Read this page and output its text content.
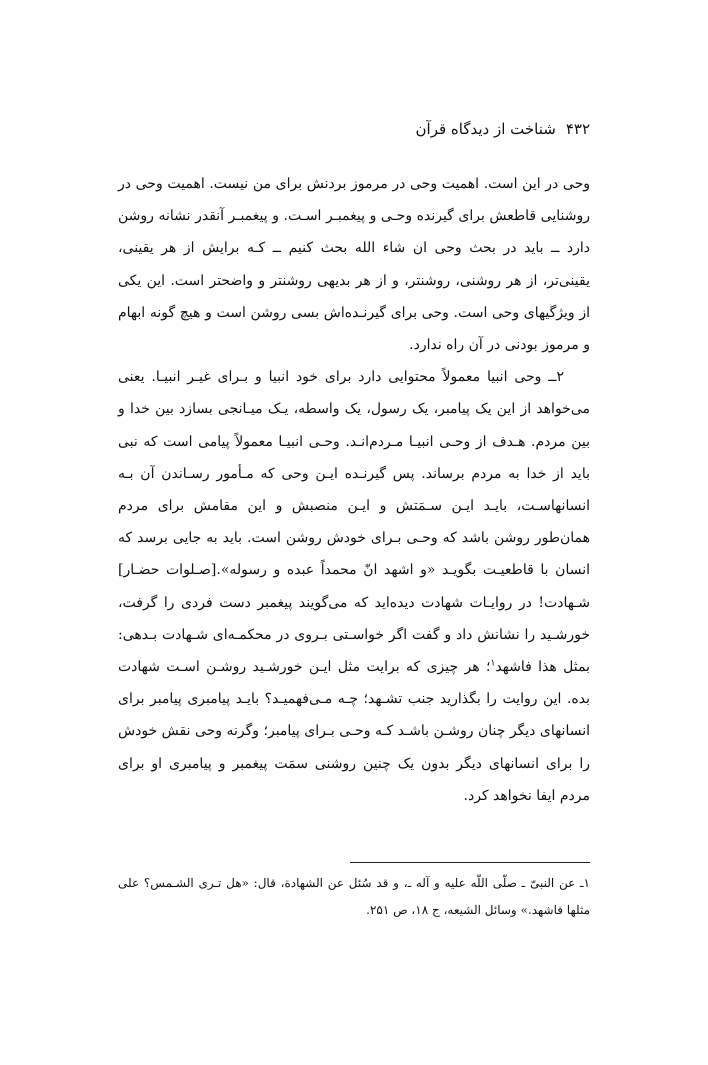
۴۳۲شناخت از دیدگاه قرآن

وحی در این است. اهمیت وحی در مرموز بردنش برای من نیست. اهمیت وحی در روشنایی قاطعش برای گیرنده وحـی و پیغمبـر اسـت. و پیغمبـر آنقدر نشانه روشن دارد ــ باید در بحث وحی ان شاء الله بحث کنیم ــ کـه برایش از هر یقینی، یقینی‌تر، از هر روشنی، روشنتر، و از هر بدیهی روشنتر و واضحتر است. این یکی از ویژگیهای وحی است. وحی برای گیرنـده‌اش بسی روشن است و هیچ گونه ابهام و مرموز بودنی در آن راه ندارد.

۲ــ وحی انبیا معمولاً محتوایی دارد برای خود انبیا و بـرای غیـر انبیـا. یعنی می‌خواهد از این یک پیامبر، یک رسول، یک واسطه، یـک میـانجی بسازد بین خدا و بین مردم. هـدف از وحـی انبیـا مـردم‌انـد. وحـی انبیـا معمولاً پیامی است که نبی باید از خدا به مردم برساند. پس گیرنـده ایـن وحی که مـأمور رسـاندن آن بـه انسانهاسـت، بایـد ایـن سـمَتش و ایـن منصبش و این مقامش برای مردم همان‌طور روشن باشد که وحـی بـرای خودش روشن است. باید به جایی برسد که انسان با قاطعیـت بگویـد «و اشهد انّ محمداً عبده و رسوله».[صـلوات حضـار] شـهادت! در روایـات شهادت دیده‌اید که می‌گویند پیغمبر دست فردی را گرفت، خورشـید را نشانش داد و گفت اگر خواسـتی بـروی در محکمـه‌ای شـهادت بـدهی: بمثل هذا فاشهد$^۱$؛ هر چیزی که برایت مثل ایـن خورشـید روشـن اسـت شهادت بده. این روایت را بگذارید جنب تشـهد؛ چـه مـی‌فهمیـد؟ بایـد پیامبری پیامبر برای انسانهای دیگر چنان روشـن باشـد کـه وحـی بـرای پیامبر؛ وگرنه وحی نقش خودش را برای انسانهای دیگر بدون یک چنین روشنی سمَت پیغمبر و پیامبری او برای مردم ایفا نخواهد کرد.

۱ـ عن النبیّ ـ صلّی اللّه علیه و آله ـ، و قد سُئل عن الشهادة، قال: «هل تـری الشـمس؟ علی مثلها فاشهد.» وسائل الشیعه، ج ۱۸، ص ۲۵۱.
